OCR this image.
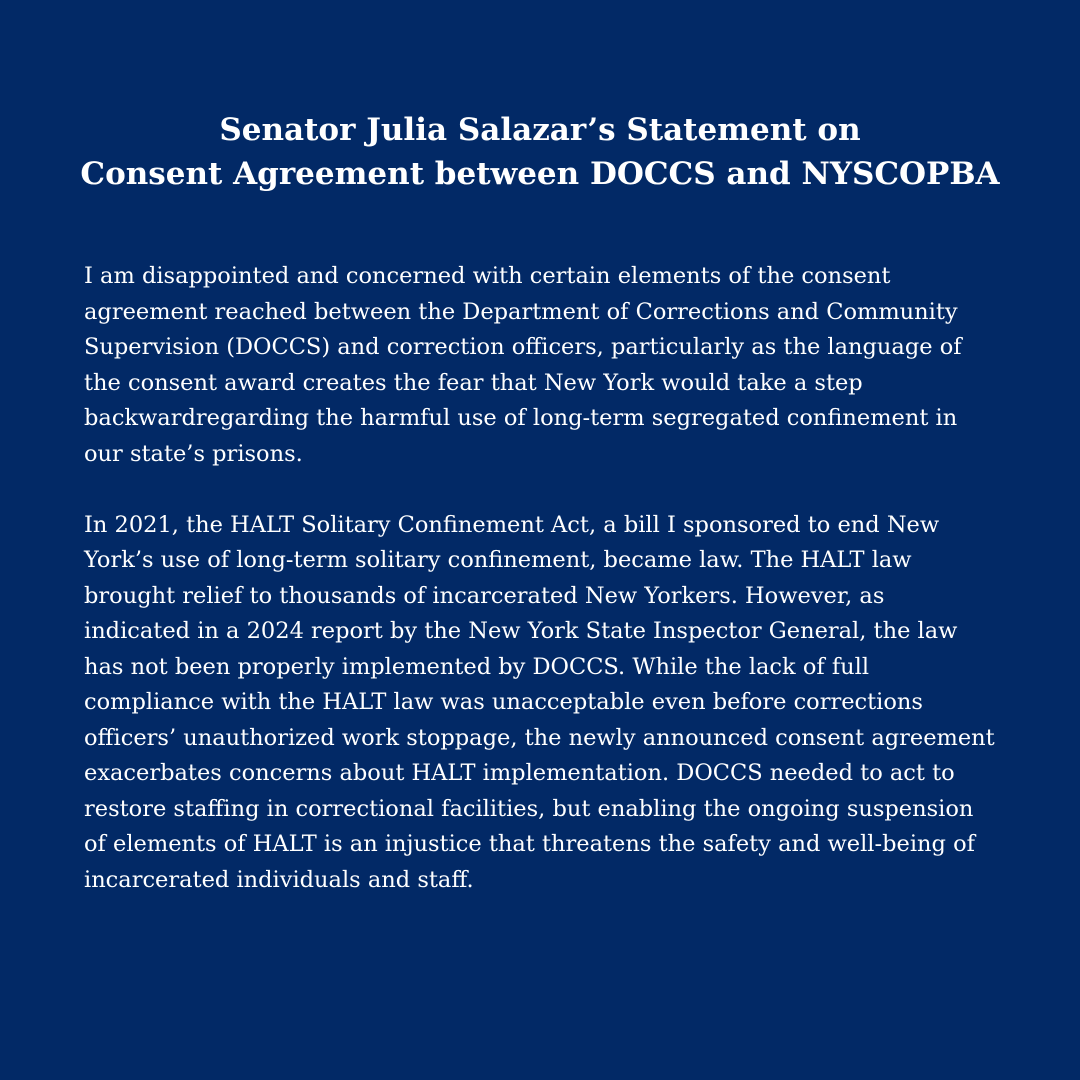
Senator Julia Salazar’s Statement on
Consent Agreement between DOCCS and NYSCOPBA

I am disappointed and concerned with certain elements of the consent
agreement reached between the Department of Corrections and Community
Supervision (DOCCS) and correction officers, particularly as the language of
the consent award creates the fear that New York would take a step
backwardregarding the harmful use of long-term segregated confinement in
our state’s prisons.

In 2021, the HALT Solitary Confinement Act, a bill I sponsored to end New
York’s use of long-term solitary confinement, became law. The HALT law
brought relief to thousands of incarcerated New Yorkers. However, as
indicated in a 2024 report by the New York State Inspector General, the law
has not been properly implemented by DOCCS. While the lack of full
compliance with the HALT law was unacceptable even before corrections
officers’ unauthorized work stoppage, the newly announced consent agreement
exacerbates concerns about HALT implementation. DOCCS needed to act to
restore staffing in correctional facilities, but enabling the ongoing suspension
of elements of HALT is an injustice that threatens the safety and well-being of
incarcerated individuals and staff.
